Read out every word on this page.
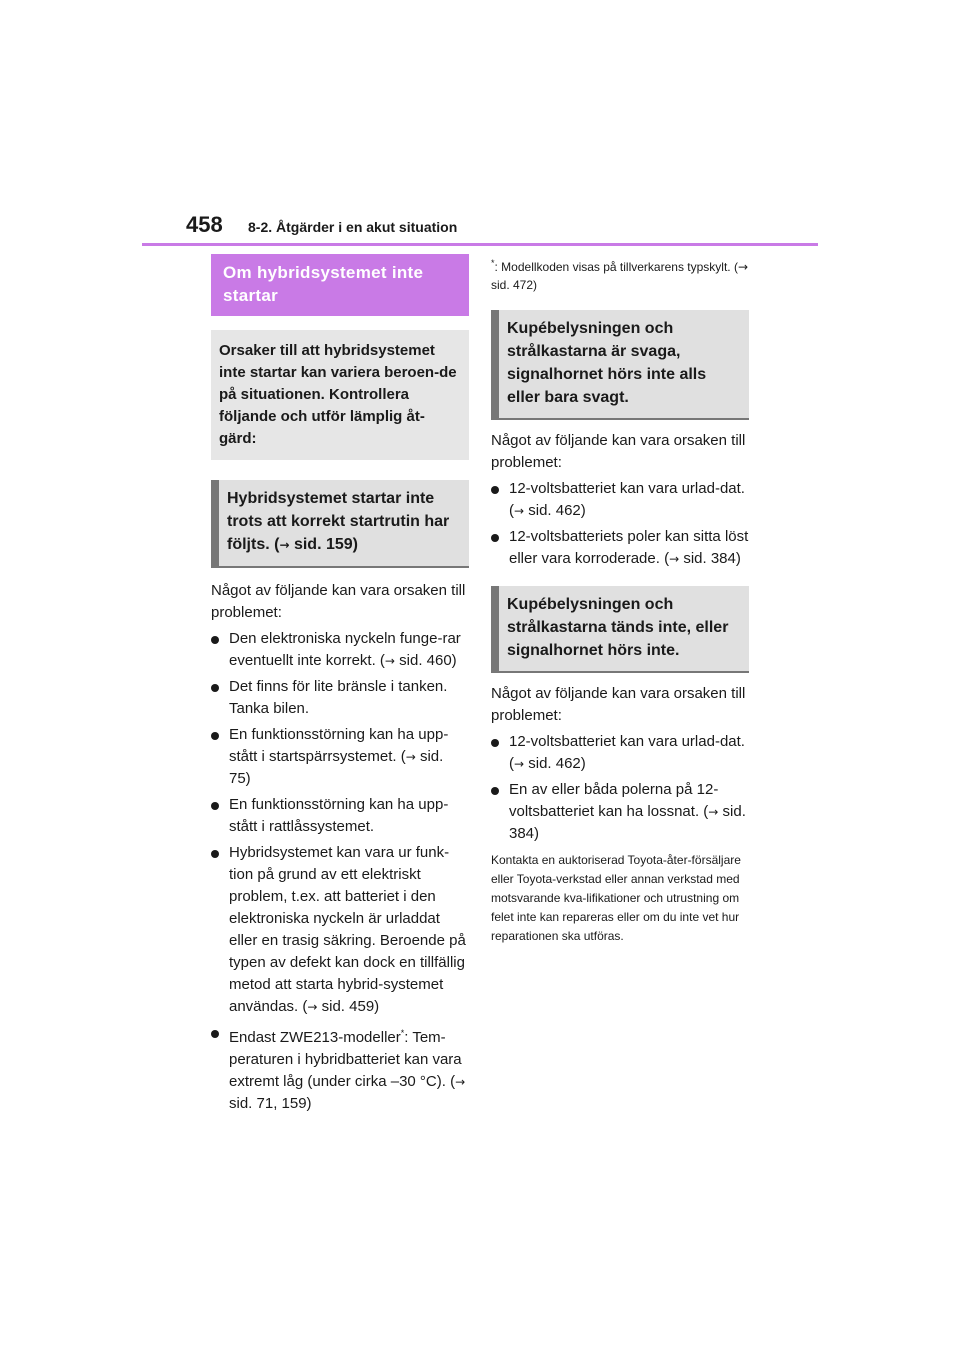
458 8-2. Åtgärder i en akut situation
Om hybridsystemet inte startar
Orsaker till att hybridsystemet inte startar kan variera beroen-de på situationen. Kontrollera följande och utför lämplig åt-gärd:
Hybridsystemet startar inte trots att korrekt startrutin har följts. (→ sid. 159)

Något av följande kan vara orsaken till problemet:

Den elektroniska nyckeln funge-rar eventuellt inte korrekt. (→ sid. 460)
Det finns för lite bränsle i tanken. Tanka bilen.
En funktionsstörning kan ha upp-stått i startspärrsystemet. (→ sid. 75)
En funktionsstörning kan ha upp-stått i rattlåssystemet.
Hybridsystemet kan vara ur funk-tion på grund av ett elektriskt problem, t.ex. att batteriet i den elektroniska nyckeln är urladdat eller en trasig säkring. Beroende på typen av defekt kan dock en tillfällig metod att starta hybrid-systemet användas. (→ sid. 459)
Endast ZWE213-modeller*: Tem-peraturen i hybridbatteriet kan vara extremt låg (under cirka –30 °C). (→ sid. 71, 159)
*: Modellkoden visas på tillverkarens typskylt. (→ sid. 472)
Kupébelysningen och strålkastarna är svaga, signalhornet hörs inte alls eller bara svagt.

Något av följande kan vara orsaken till problemet:

12-voltsbatteriet kan vara urlad-dat. (→ sid. 462)
12-voltsbatteriets poler kan sitta löst eller vara korroderade. (→ sid. 384)
Kupébelysningen och strålkastarna tänds inte, eller signalhornet hörs inte.

Något av följande kan vara orsaken till problemet:

12-voltsbatteriet kan vara urlad-dat. (→ sid. 462)
En av eller båda polerna på 12-voltsbatteriet kan ha lossnat. (→ sid. 384)
Kontakta en auktoriserad Toyota-åter-försäljare eller Toyota-verkstad eller annan verkstad med motsvarande kva-lifikationer och utrustning om felet inte kan repareras eller om du inte vet hur reparationen ska utföras.
